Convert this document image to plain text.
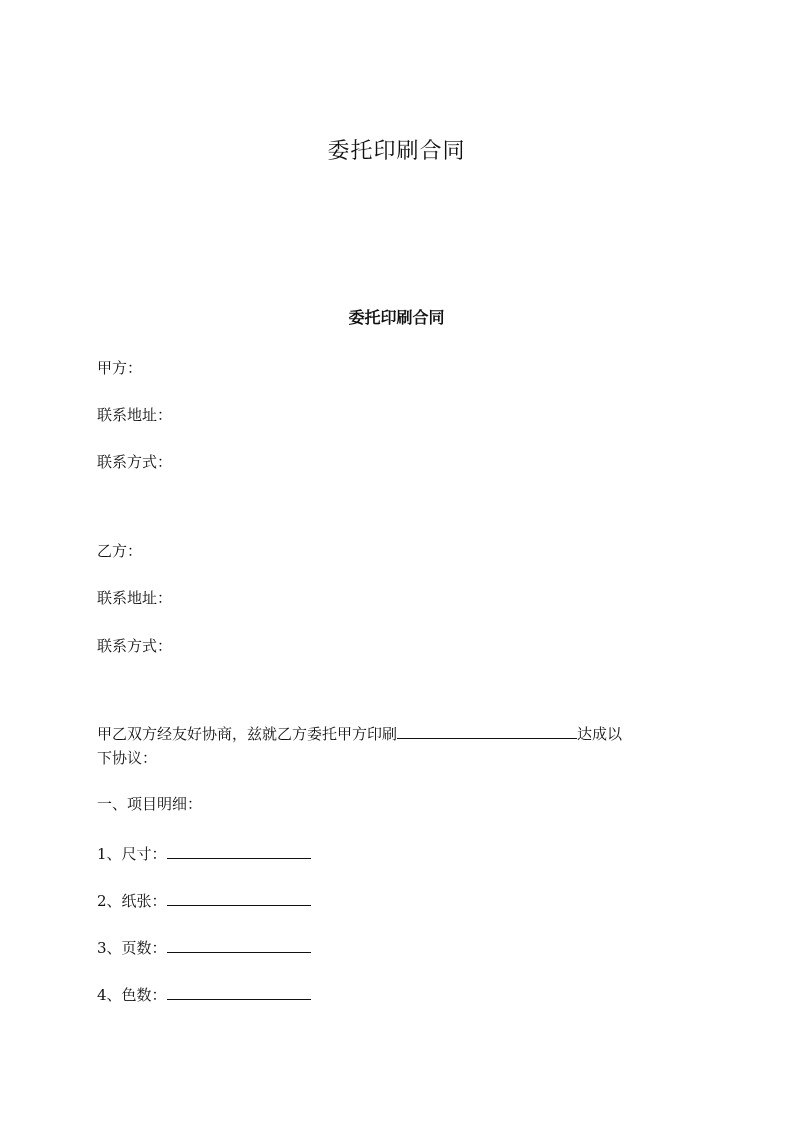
委托印刷合同
委托印刷合同
甲方：
联系地址：
联系方式：
乙方：
联系地址：
联系方式：
甲乙双方经友好协商，兹就乙方委托甲方印刷	达成以
下协议：
一、项目明细：
1、尺寸：
2、纸张：
3、页数：
4、色数：
